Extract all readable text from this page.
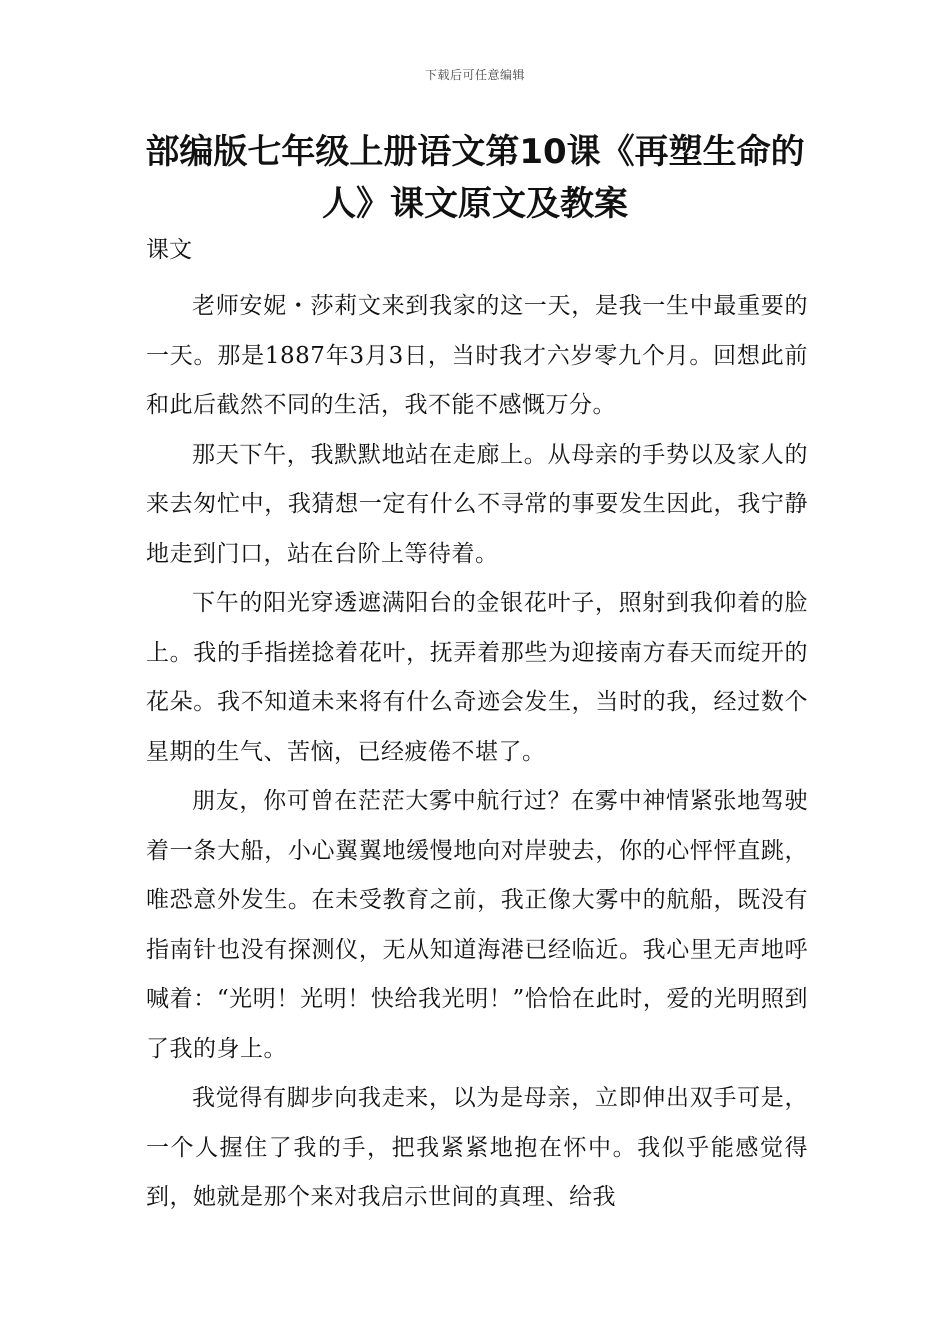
下载后可任意编辑
部编版七年级上册语文第10课《再塑生命的人》课文原文及教案

课文

老师安妮・莎莉文来到我家的这一天，是我一生中最重要的一天。那是1887年3月3日，当时我才六岁零九个月。回想此前和此后截然不同的生活，我不能不感慨万分。

那天下午，我默默地站在走廊上。从母亲的手势以及家人的来去匆忙中，我猜想一定有什么不寻常的事要发生因此，我宁静地走到门口，站在台阶上等待着。

下午的阳光穿透遮满阳台的金银花叶子，照射到我仰着的脸上。我的手指搓捻着花叶，抚弄着那些为迎接南方春天而绽开的花朵。我不知道未来将有什么奇迹会发生，当时的我，经过数个星期的生气、苦恼，已经疲倦不堪了。

朋友，你可曾在茫茫大雾中航行过？在雾中神情紧张地驾驶着一条大船，小心翼翼地缓慢地向对岸驶去，你的心怦怦直跳，唯恐意外发生。在未受教育之前，我正像大雾中的航船，既没有指南针也没有探测仪，无从知道海港已经临近。我心里无声地呼喊着：“光明！光明！快给我光明！”恰恰在此时，爱的光明照到了我的身上。

我觉得有脚步向我走来，以为是母亲，立即伸出双手可是，一个人握住了我的手，把我紧紧地抱在怀中。我似乎能感觉得到，她就是那个来对我启示世间的真理、给我
